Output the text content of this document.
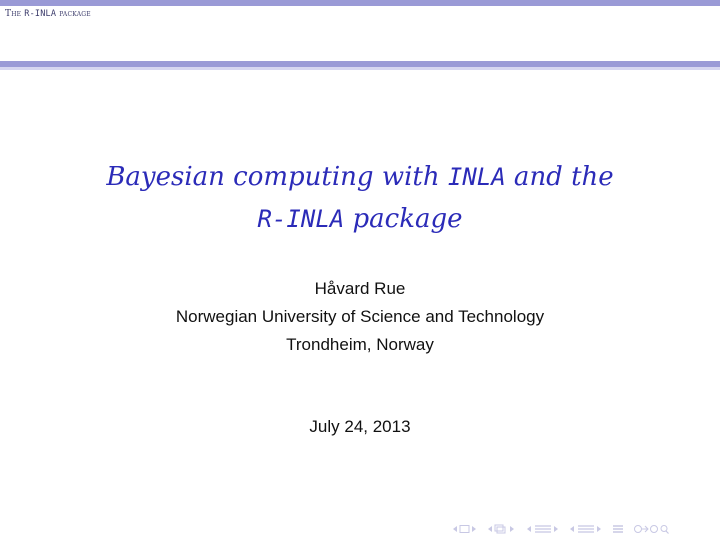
The R-INLA package
Bayesian computing with INLA and the
R-INLA package
Håvard Rue
Norwegian University of Science and Technology
Trondheim, Norway
July 24, 2013
